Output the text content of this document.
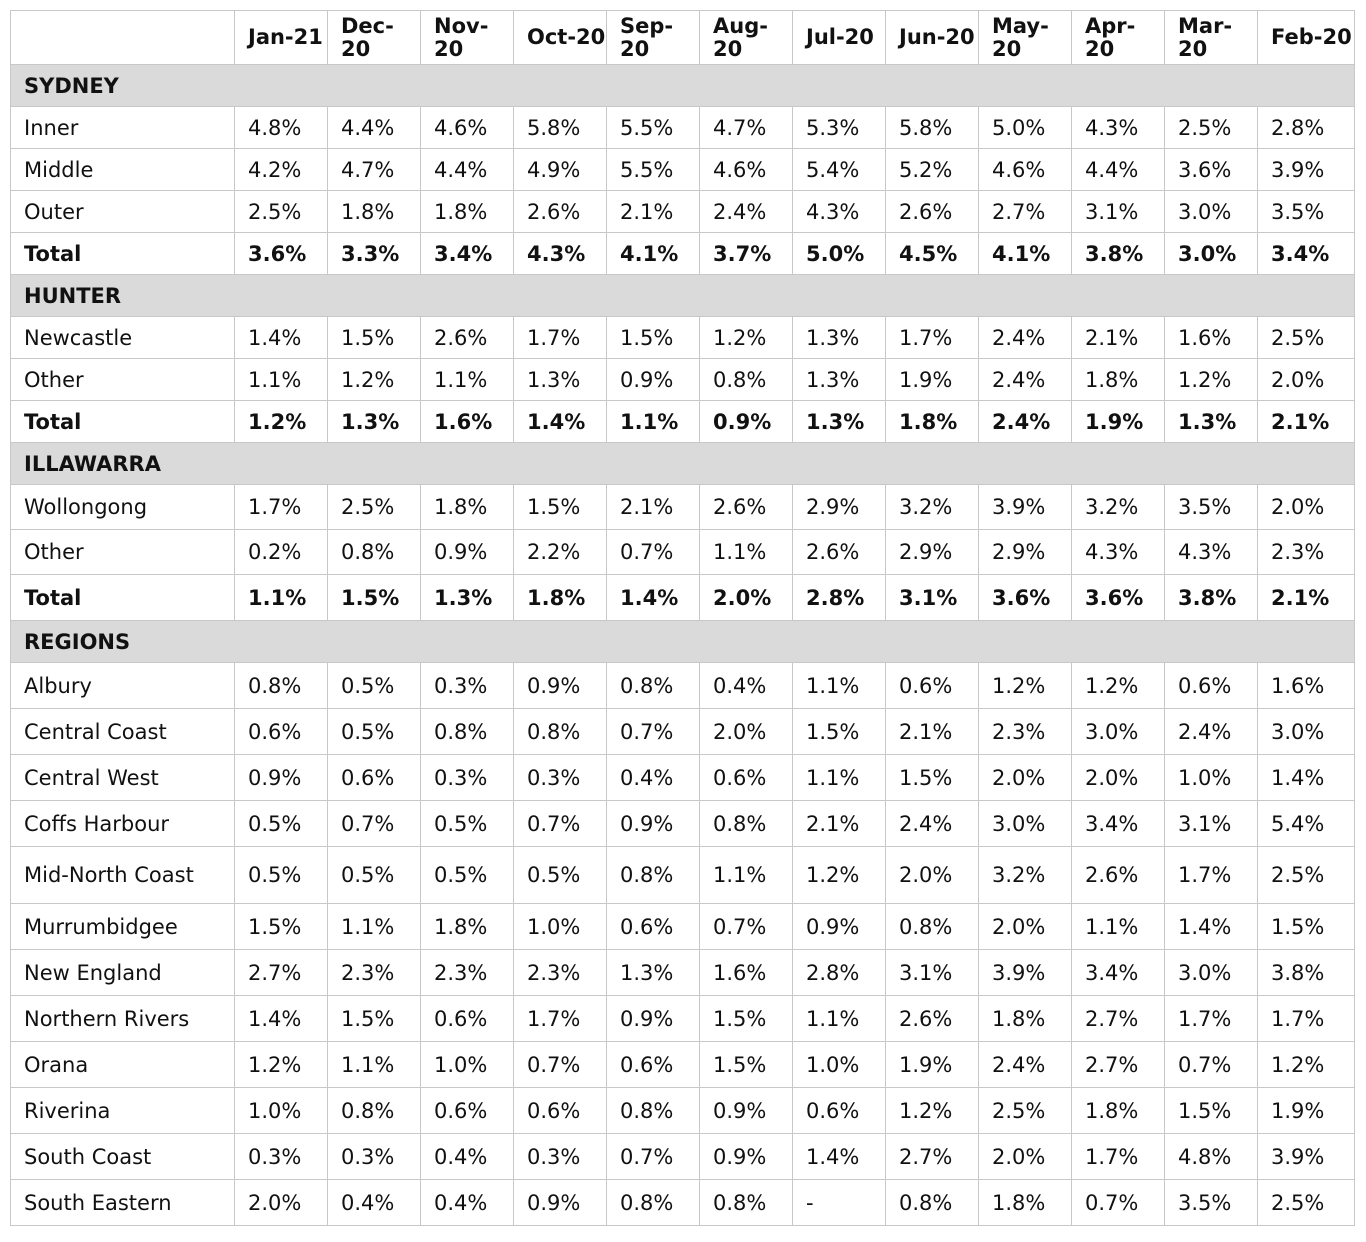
	Jan-21	Dec-20	Nov-20	Oct-20	Sep-20	Aug-20	Jul-20	Jun-20	May-20	Apr-20	Mar-20	Feb-20
SYDNEY												
Inner	4.8%	4.4%	4.6%	5.8%	5.5%	4.7%	5.3%	5.8%	5.0%	4.3%	2.5%	2.8%
Middle	4.2%	4.7%	4.4%	4.9%	5.5%	4.6%	5.4%	5.2%	4.6%	4.4%	3.6%	3.9%
Outer	2.5%	1.8%	1.8%	2.6%	2.1%	2.4%	4.3%	2.6%	2.7%	3.1%	3.0%	3.5%
Total	3.6%	3.3%	3.4%	4.3%	4.1%	3.7%	5.0%	4.5%	4.1%	3.8%	3.0%	3.4%
HUNTER												
Newcastle	1.4%	1.5%	2.6%	1.7%	1.5%	1.2%	1.3%	1.7%	2.4%	2.1%	1.6%	2.5%
Other	1.1%	1.2%	1.1%	1.3%	0.9%	0.8%	1.3%	1.9%	2.4%	1.8%	1.2%	2.0%
Total	1.2%	1.3%	1.6%	1.4%	1.1%	0.9%	1.3%	1.8%	2.4%	1.9%	1.3%	2.1%
ILLAWARRA												
Wollongong	1.7%	2.5%	1.8%	1.5%	2.1%	2.6%	2.9%	3.2%	3.9%	3.2%	3.5%	2.0%
Other	0.2%	0.8%	0.9%	2.2%	0.7%	1.1%	2.6%	2.9%	2.9%	4.3%	4.3%	2.3%
Total	1.1%	1.5%	1.3%	1.8%	1.4%	2.0%	2.8%	3.1%	3.6%	3.6%	3.8%	2.1%
REGIONS												
Albury	0.8%	0.5%	0.3%	0.9%	0.8%	0.4%	1.1%	0.6%	1.2%	1.2%	0.6%	1.6%
Central Coast	0.6%	0.5%	0.8%	0.8%	0.7%	2.0%	1.5%	2.1%	2.3%	3.0%	2.4%	3.0%
Central West	0.9%	0.6%	0.3%	0.3%	0.4%	0.6%	1.1%	1.5%	2.0%	2.0%	1.0%	1.4%
Coffs Harbour	0.5%	0.7%	0.5%	0.7%	0.9%	0.8%	2.1%	2.4%	3.0%	3.4%	3.1%	5.4%
Mid-North Coast	0.5%	0.5%	0.5%	0.5%	0.8%	1.1%	1.2%	2.0%	3.2%	2.6%	1.7%	2.5%
Murrumbidgee	1.5%	1.1%	1.8%	1.0%	0.6%	0.7%	0.9%	0.8%	2.0%	1.1%	1.4%	1.5%
New England	2.7%	2.3%	2.3%	2.3%	1.3%	1.6%	2.8%	3.1%	3.9%	3.4%	3.0%	3.8%
Northern Rivers	1.4%	1.5%	0.6%	1.7%	0.9%	1.5%	1.1%	2.6%	1.8%	2.7%	1.7%	1.7%
Orana	1.2%	1.1%	1.0%	0.7%	0.6%	1.5%	1.0%	1.9%	2.4%	2.7%	0.7%	1.2%
Riverina	1.0%	0.8%	0.6%	0.6%	0.8%	0.9%	0.6%	1.2%	2.5%	1.8%	1.5%	1.9%
South Coast	0.3%	0.3%	0.4%	0.3%	0.7%	0.9%	1.4%	2.7%	2.0%	1.7%	4.8%	3.9%
South Eastern	2.0%	0.4%	0.4%	0.9%	0.8%	0.8%	-	0.8%	1.8%	0.7%	3.5%	2.5%
